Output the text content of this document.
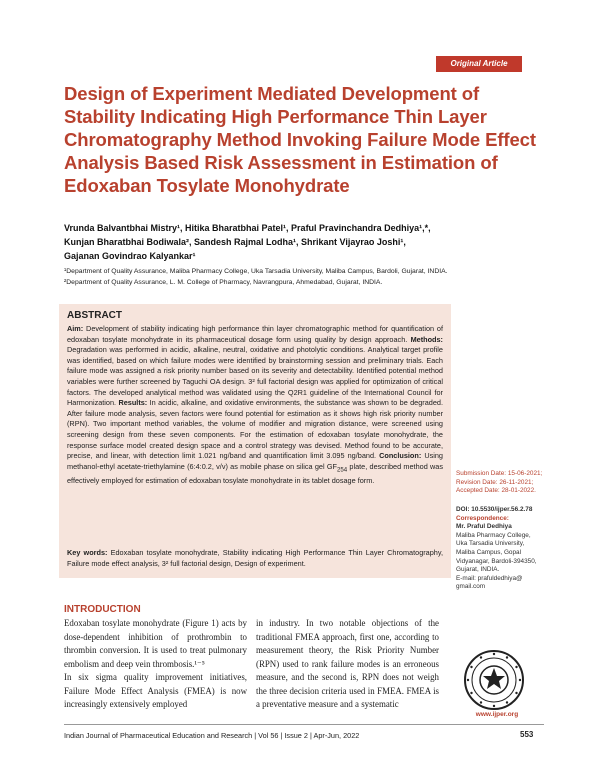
Original Article
Design of Experiment Mediated Development of Stability Indicating High Performance Thin Layer Chromatography Method Invoking Failure Mode Effect Analysis Based Risk Assessment in Estimation of Edoxaban Tosylate Monohydrate
Vrunda Balvantbhai Mistry¹, Hitika Bharatbhai Patel¹, Praful Pravinchandra Dedhiya¹,*,
Kunjan Bharatbhai Bodiwala², Sandesh Rajmal Lodha¹, Shrikant Vijayrao Joshi¹,
Gajanan Govindrao Kalyankar¹
¹Department of Quality Assurance, Maliba Pharmacy College, Uka Tarsadia University, Maliba Campus, Bardoli, Gujarat, INDIA.
²Department of Quality Assurance, L. M. College of Pharmacy, Navrangpura, Ahmedabad, Gujarat, INDIA.
ABSTRACT

Aim: Development of stability indicating high performance thin layer chromatographic method for quantification of edoxaban tosylate monohydrate in its pharmaceutical dosage form using quality by design approach. Methods: Degradation was performed in acidic, alkaline, neutral, oxidative and photolytic conditions. Analytical target profile was identified, based on which failure modes were identified by brainstorming session and preliminary trials. Each failure mode was assigned a risk priority number based on its severity and detectability. Identified potential method variables were further screened by Taguchi OA design. 3² full factorial design was applied for optimization of critical factors. The developed analytical method was validated using the Q2R1 guideline of the International Council for Harmonization. Results: In acidic, alkaline, and oxidative environments, the substance was shown to be degraded. After failure mode analysis, seven factors were found potential for estimation as it shows high risk priority number (RPN). Two important method variables, the volume of modifier and migration distance, were screened using screening design from these seven components. For the estimation of edoxaban tosylate monohydrate, the response surface model created design space and a control strategy was devised. Method found to be accurate, precise, and linear, with detection limit 1.021 ng/band and quantification limit 3.095 ng/band. Conclusion: Using methanol-ethyl acetate-triethylamine (6:4:0.2, v/v) as mobile phase on silica gel $GF_{254}$ plate, described method was effectively employed for estimation of edoxaban tosylate monohydrate in its tablet dosage form.

Key words: Edoxaban tosylate monohydrate, Stability indicating High Performance Thin Layer Chromatography, Failure mode effect analysis, 3² full factorial design, Design of experiment.
Submission Date: 15-06-2021;
Revision Date: 26-11-2021;
Accepted Date: 28-01-2022.
DOI: 10.5530/ijper.56.2.78
Correspondence:
Mr. Praful Dedhiya
Maliba Pharmacy College,
Uka Tarsadia University,
Maliba Campus, Gopal
Vidyanagar, Bardoli-394350,
Gujarat, INDIA.
E-mail: prafuldedhiya@
gmail.com
www.ijper.org
INTRODUCTION

Edoxaban tosylate monohydrate (Figure 1) acts by dose-dependent inhibition of prothrombin to thrombin conversion. It is used to treat pulmonary embolism and deep vein thrombosis.¹⁻⁵

In six sigma quality improvement initiatives, Failure Mode Effect Analysis (FMEA) is now increasingly extensively employed

in industry. In two notable objections of the traditional FMEA approach, first one, according to measurement theory, the Risk Priority Number (RPN) used to rank failure modes is an erroneous measure, and the second is, RPN does not weigh the three decision criteria used in FMEA. FMEA is a preventative measure and a systematic

Indian Journal of Pharmaceutical Education and Research | Vol 56 | Issue 2 | Apr-Jun, 2022	553
